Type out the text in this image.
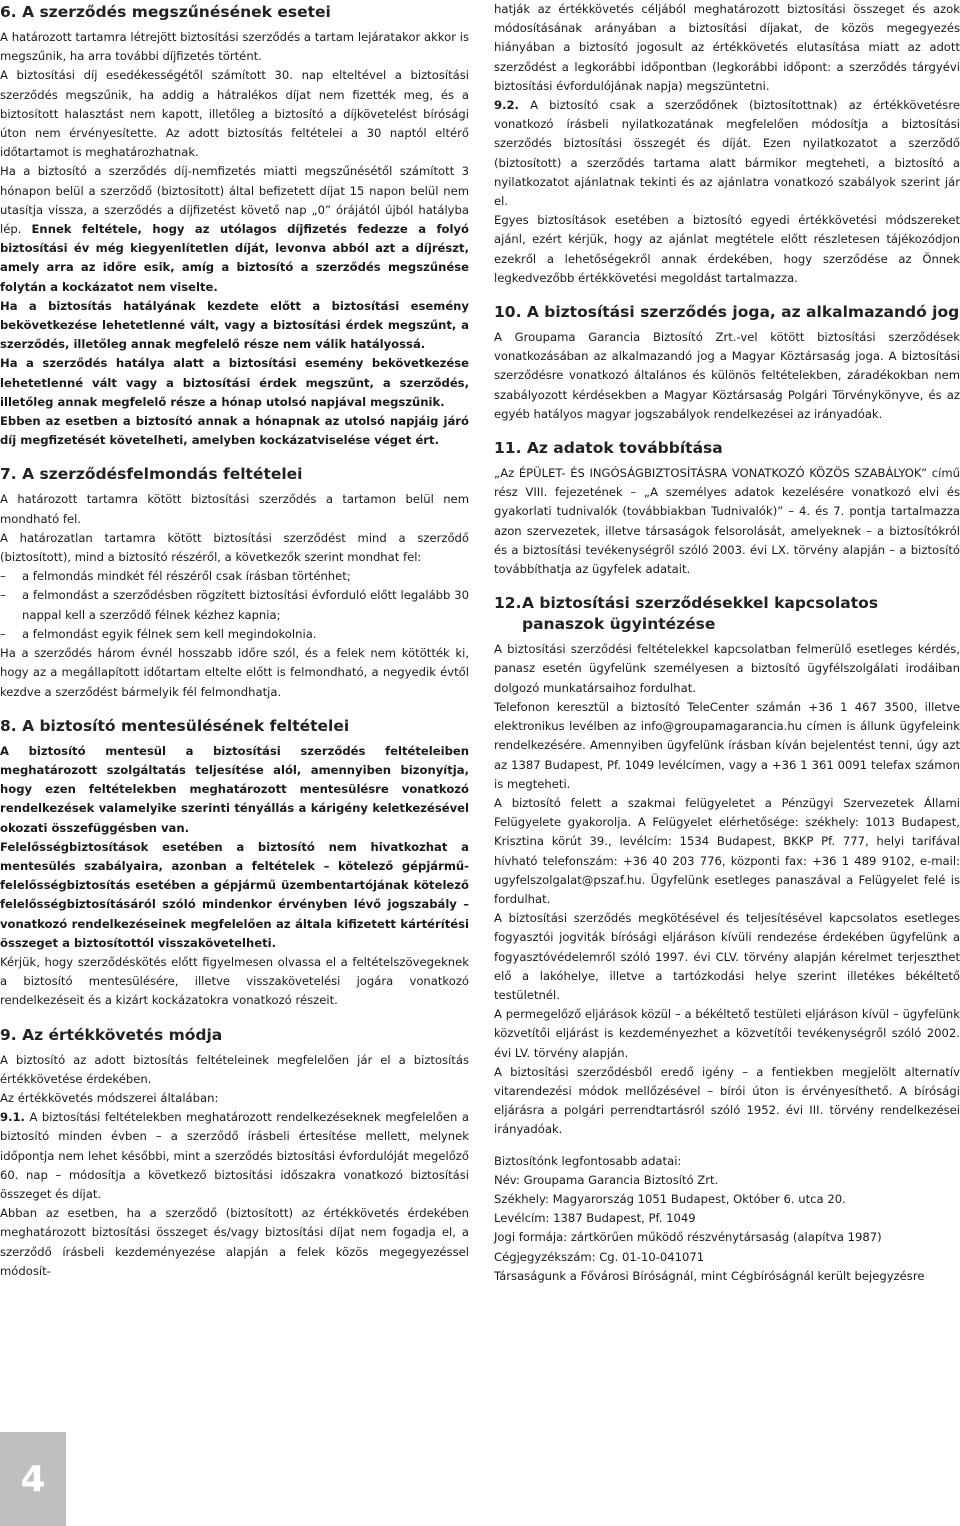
6. A szerződés megszűnésének esetei

A határozott tartamra létrejött biztosítási szerződés a tartam lejáratakor akkor is megszűnik, ha arra további díjfizetés történt.

A biztosítási díj esedékességétől számított 30. nap elteltével a biztosítási szerződés megszűnik, ha addig a hátralékos díjat nem fizették meg, és a biztosított halasztást nem kapott, illetőleg a biztosító a díjkövetelést bírósági úton nem érvényesítette. Az adott biztosítás feltételei a 30 naptól eltérő időtartamot is meghatározhatnak.

Ha a biztosító a szerződés díj-nemfizetés miatti megszűnésétől számított 3 hónapon belül a szerződő (biztosított) által befizetett díjat 15 napon belül nem utasítja vissza, a szerződés a díjfizetést követő nap „0” órájától újból hatályba lép. Ennek feltétele, hogy az utólagos díjfizetés fedezze a folyó biztosítási év még kiegyenlítetlen díját, levonva abból azt a díjrészt, amely arra az időre esik, amíg a biztosító a szerződés megszűnése folytán a kockázatot nem viselte.

Ha a biztosítás hatályának kezdete előtt a biztosítási esemény bekövetkezése lehetetlenné vált, vagy a biztosítási érdek megszűnt, a szerződés, illetőleg annak megfelelő része nem válik hatályossá.

Ha a szerződés hatálya alatt a biztosítási esemény bekövetkezése lehetetlenné vált vagy a biztosítási érdek megszűnt, a szerződés, illetőleg annak megfelelő része a hónap utolsó napjával megszűnik.

Ebben az esetben a biztosító annak a hónapnak az utolsó napjáig járó díj megfizetését követelheti, amelyben kockázatviselése véget ért.

7. A szerződésfelmondás feltételei

A határozott tartamra kötött biztosítási szerződés a tartamon belül nem mondható fel.

A határozatlan tartamra kötött biztosítási szerződést mind a szerződő (biztosított), mind a biztosító részéről, a következők szerint mondhat fel:

– a felmondás mindkét fél részéről csak írásban történhet;
– a felmondást a szerződésben rögzített biztosítási évforduló előtt legalább 30 nappal kell a szerződő félnek kézhez kapnia;
– a felmondást egyik félnek sem kell megindokolnia.

Ha a szerződés három évnél hosszabb időre szól, és a felek nem kötötték ki, hogy az a megállapított időtartam eltelte előtt is felmondható, a negyedik évtől kezdve a szerződést bármelyik fél felmondhatja.

8. A biztosító mentesülésének feltételei

A biztosító mentesül a biztosítási szerződés feltételeiben meghatározott szolgáltatás teljesítése alól, amennyiben bizonyítja, hogy ezen feltételekben meghatározott mentesülésre vonatkozó rendelkezések valamelyike szerinti tényállás a kárigény keletkezésével okozati összefüggésben van.

Felelősségbiztosítások esetében a biztosító nem hivatkozhat a mentesülés szabályaira, azonban a feltételek – kötelező gépjármű-felelősségbiztosítás esetében a gépjármű üzembentartójának kötelező felelősségbiztosításáról szóló mindenkor érvényben lévő jogszabály – vonatkozó rendelkezéseinek megfelelően az általa kifizetett kártérítési összeget a biztosítottól visszakövetelheti.

Kérjük, hogy szerződéskötés előtt figyelmesen olvassa el a feltételszövegeknek a biztosító mentesülésére, illetve visszakövetelési jogára vonatkozó rendelkezéseit és a kizárt kockázatokra vonatkozó részeit.

9. Az értékkövetés módja

A biztosító az adott biztosítás feltételeinek megfelelően jár el a biztosítás értékkövetése érdekében.

Az értékkövetés módszerei általában:

9.1. A biztosítási feltételekben meghatározott rendelkezéseknek megfelelően a biztosító minden évben – a szerződő írásbeli értesítése mellett, melynek időpontja nem lehet későbbi, mint a szerződés biztosítási évfordulóját megelőző 60. nap – módosítja a következő biztosítási időszakra vonatkozó biztosítási összeget és díjat.

Abban az esetben, ha a szerződő (biztosított) az értékkövetés érdekében meghatározott biztosítási összeget és/vagy biztosítási díjat nem fogadja el, a szerződő írásbeli kezdeményezése alapján a felek közös megegyezéssel módosít-

hatják az értékkövetés céljából meghatározott biztosítási összeget és azok módosításának arányában a biztosítási díjakat, de közös megegyezés hiányában a biztosító jogosult az értékkövetés elutasítása miatt az adott szerződést a legkorábbi időpontban (legkorábbi időpont: a szerződés tárgyévi biztosítási évfordulójának napja) megszüntetni.

9.2. A biztosító csak a szerződőnek (biztosítottnak) az értékkövetésre vonatkozó írásbeli nyilatkozatának megfelelően módosítja a biztosítási szerződés biztosítási összegét és díját. Ezen nyilatkozatot a szerződő (biztosított) a szerződés tartama alatt bármikor megteheti, a biztosító a nyilatkozatot ajánlatnak tekinti és az ajánlatra vonatkozó szabályok szerint jár el.

Egyes biztosítások esetében a biztosító egyedi értékkövetési módszereket ajánl, ezért kérjük, hogy az ajánlat megtétele előtt részletesen tájékozódjon ezekről a lehetőségekről annak érdekében, hogy szerződése az Önnek legkedvezőbb értékkövetési megoldást tartalmazza.

10. A biztosítási szerződés joga, az alkalmazandó jog

A Groupama Garancia Biztosító Zrt.-vel kötött biztosítási szerződések vonatkozásában az alkalmazandó jog a Magyar Köztársaság joga. A biztosítási szerződésre vonatkozó általános és különös feltételekben, záradékokban nem szabályozott kérdésekben a Magyar Köztársaság Polgári Törvénykönyve, és az egyéb hatályos magyar jogszabályok rendelkezései az irányadóak.

11. Az adatok továbbítása

„Az ÉPÜLET- ÉS INGÓSÁGBIZTOSÍTÁSRA VONATKOZÓ KÖZÖS SZABÁLYOK” című rész VIII. fejezetének – „A személyes adatok kezelésére vonatkozó elvi és gyakorlati tudnivalók (továbbiakban Tudnivalók)” – 4. és 7. pontja tartalmazza azon szervezetek, illetve társaságok felsorolását, amelyeknek – a biztosítókról és a biztosítási tevékenységről szóló 2003. évi LX. törvény alapján – a biztosító továbbíthatja az ügyfelek adatait.

12. A biztosítási szerződésekkel kapcsolatos panaszok ügyintézése

A biztosítási szerződési feltételekkel kapcsolatban felmerülő esetleges kérdés, panasz esetén ügyfelünk személyesen a biztosító ügyfélszolgálati irodáiban dolgozó munkatársaihoz fordulhat.

Telefonon keresztül a biztosító TeleCenter számán +36 1 467 3500, illetve elektronikus levélben az info@groupamagarancia.hu címen is állunk ügyfeleink rendelkezésére. Amennyiben ügyfelünk írásban kíván bejelentést tenni, úgy azt az 1387 Budapest, Pf. 1049 levélcímen, vagy a +36 1 361 0091 telefax számon is megteheti.

A biztosító felett a szakmai felügyeletet a Pénzügyi Szervezetek Állami Felügyelete gyakorolja. A Felügyelet elérhetősége: székhely: 1013 Budapest, Krisztina körút 39., levélcím: 1534 Budapest, BKKP Pf. 777, helyi tarifával hívható telefonszám: +36 40 203 776, központi fax: +36 1 489 9102, e-mail: ugyfelszolgalat@pszaf.hu. Ügyfelünk esetleges panaszával a Felügyelet felé is fordulhat.

A biztosítási szerződés megkötésével és teljesítésével kapcsolatos esetleges fogyasztói jogviták bírósági eljáráson kívüli rendezése érdekében ügyfelünk a fogyasztóvédelemről szóló 1997. évi CLV. törvény alapján kérelmet terjeszthet elő a lakóhelye, illetve a tartózkodási helye szerint illetékes békéltető testületnél.

A permegelőző eljárások közül – a békéltető testületi eljáráson kívül – ügyfelünk közvetítői eljárást is kezdeményezhet a közvetítői tevékenységről szóló 2002. évi LV. törvény alapján.

A biztosítási szerződésből eredő igény – a fentiekben megjelölt alternatív vitarendezési módok mellőzésével – bírói úton is érvényesíthető. A bírósági eljárásra a polgári perrendtartásról szóló 1952. évi III. törvény rendelkezései irányadóak.

Biztosítónk legfontosabb adatai:

Név: Groupama Garancia Biztosító Zrt.

Székhely: Magyarország 1051 Budapest, Október 6. utca 20.

Levélcím: 1387 Budapest, Pf. 1049

Jogi formája: zártkörűen működő részvénytársaság (alapítva 1987)

Cégjegyzékszám: Cg. 01-10-041071

Társaságunk a Fővárosi Bíróságnál, mint Cégbíróságnál került bejegyzésre

4
